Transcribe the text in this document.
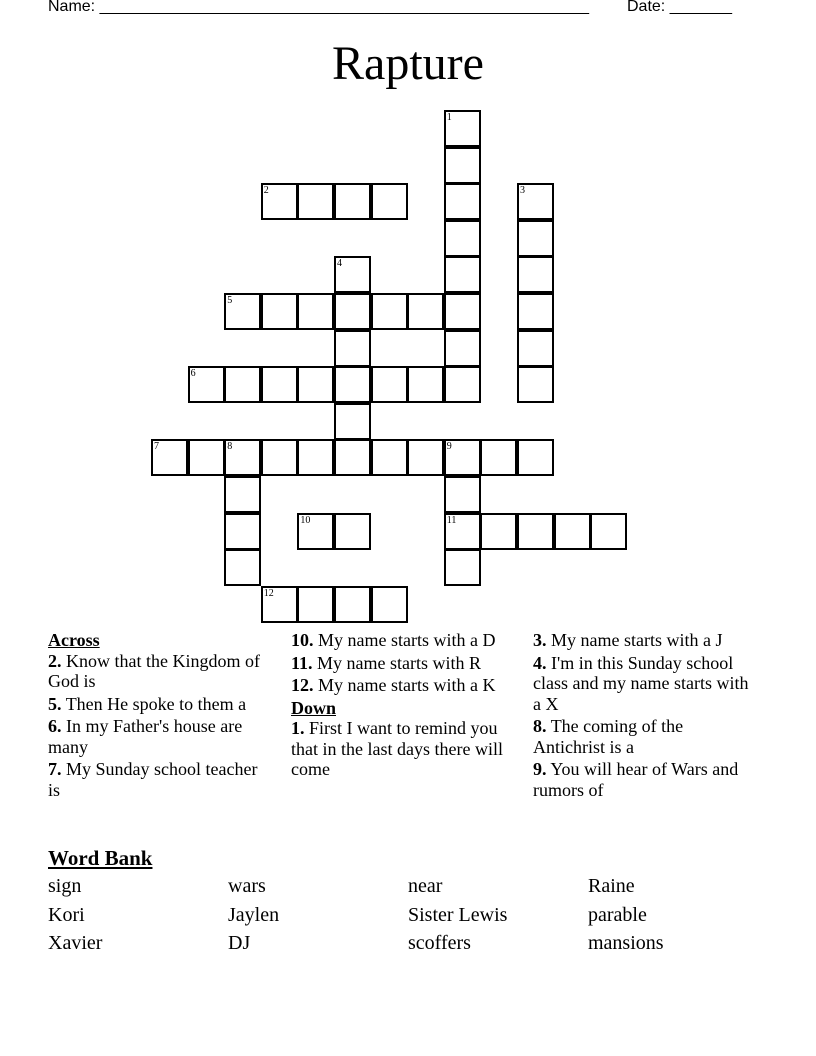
Name: _______________________________________________________ Date: _______
Rapture
1
2	3
4
5
6
7	8	9
11
10
12
Across
2. Know that the Kingdom of God is
5. Then He spoke to them a
6. In my Father's house are many
7. My Sunday school teacher is
10. My name starts with a D
11. My name starts with R
12. My name starts with a K
Down
1. First I want to remind you that in the last days there will come
3. My name starts with a J
4. I'm in this Sunday school class and my name starts with a X
8. The coming of the Antichrist is a
9. You will hear of Wars and rumors of
Word Bank
sign	wars	near	Raine
Kori	Jaylen	Sister Lewis	parable
Xavier	DJ	scoffers	mansions
